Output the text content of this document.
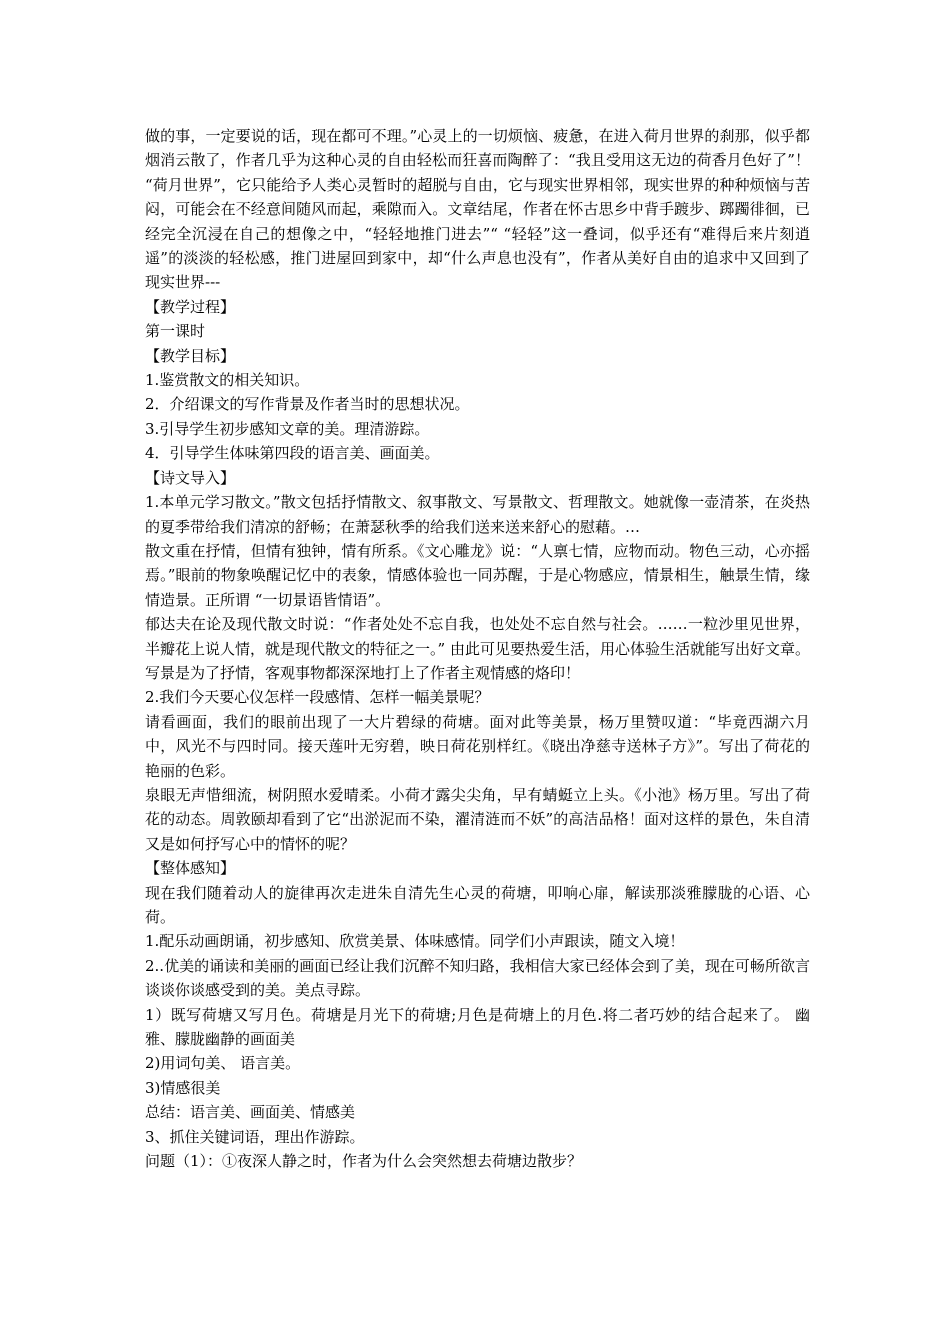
做的事，一定要说的话，现在都可不理。”心灵上的一切烦恼、疲惫，在进入荷月世界的刹那，似乎都烟消云散了，作者几乎为这种心灵的自由轻松而狂喜而陶醉了：“我且受用这无边的荷香月色好了”！ “荷月世界”，它只能给予人类心灵暂时的超脱与自由，它与现实世界相邻，现实世界的种种烦恼与苦闷，可能会在不经意间随风而起，乘隙而入。文章结尾，作者在怀古思乡中背手踱步、踯躅徘徊，已经完全沉浸在自己的想像之中，“轻轻地推门进去”“ “轻轻”这一叠词，似乎还有“难得后来片刻逍遥”的淡淡的轻松感，推门进屋回到家中，却“什么声息也没有”，作者从美好自由的追求中又回到了现实世界---

【教学过程】

第一课时

【教学目标】

1.鉴赏散文的相关知识。

2．介绍课文的写作背景及作者当时的思想状况。

3.引导学生初步感知文章的美。理清游踪。

4．引导学生体味第四段的语言美、画面美。

【诗文导入】

1.本单元学习散文。”散文包括抒情散文、叙事散文、写景散文、哲理散文。她就像一壶清茶，在炎热的夏季带给我们清凉的舒畅；在萧瑟秋季的给我们送来送来舒心的慰藉。…

散文重在抒情，但情有独钟，情有所系。《文心雕龙》说：“人禀七情，应物而动。物色三动，心亦摇焉。”眼前的物象唤醒记忆中的表象，情感体验也一同苏醒，于是心物感应，情景相生，触景生情，缘情造景。正所谓 “一切景语皆情语”。

郁达夫在论及现代散文时说：“作者处处不忘自我，也处处不忘自然与社会。……一粒沙里见世界，半瓣花上说人情，就是现代散文的特征之一。” 由此可见要热爱生活，用心体验生活就能写出好文章。

写景是为了抒情，客观事物都深深地打上了作者主观情感的烙印！

2.我们今天要心仪怎样一段感情、怎样一幅美景呢？

请看画面，我们的眼前出现了一大片碧绿的荷塘。面对此等美景，杨万里赞叹道：“毕竟西湖六月中，风光不与四时同。接天莲叶无穷碧，映日荷花别样红。《晓出净慈寺送林子方》”。写出了荷花的艳丽的色彩。

泉眼无声惜细流，树阴照水爱晴柔。小荷才露尖尖角，早有蜻蜓立上头。《小池》杨万里。写出了荷花的动态。周敦颐却看到了它“出淤泥而不染，濯清涟而不妖”的高洁品格！面对这样的景色，朱自清又是如何抒写心中的情怀的呢？

【整体感知】

现在我们随着动人的旋律再次走进朱自清先生心灵的荷塘，叩响心扉，解读那淡雅朦胧的心语、心荷。

1.配乐动画朗诵，初步感知、欣赏美景、体味感情。同学们小声跟读，随文入境！

2..优美的诵读和美丽的画面已经让我们沉醉不知归路，我相信大家已经体会到了美，现在可畅所欲言谈谈你谈感受到的美。美点寻踪。

1）既写荷塘又写月色。荷塘是月光下的荷塘;月色是荷塘上的月色.将二者巧妙的结合起来了。 幽雅、朦胧幽静的画面美

2)用词句美、 语言美。

3)情感很美

总结：语言美、画面美、情感美

3、抓住关键词语，理出作游踪。

问题（1）：①夜深人静之时，作者为什么会突然想去荷塘边散步？
